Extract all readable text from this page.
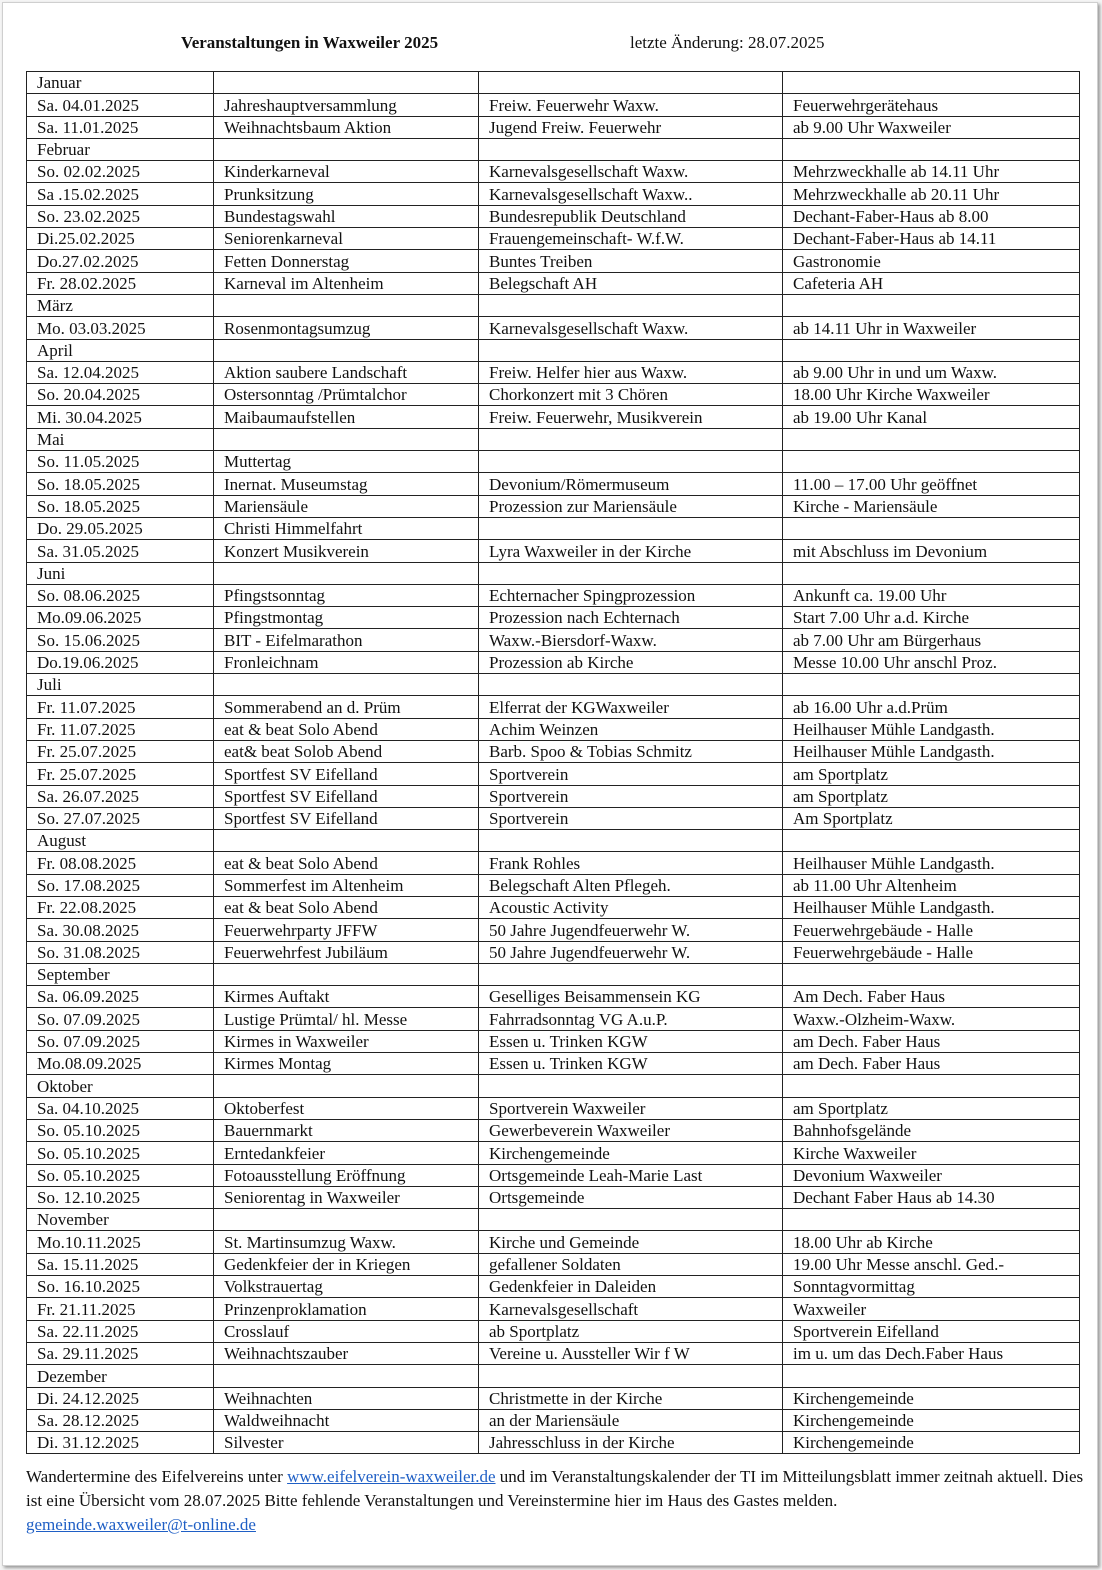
Veranstaltungen in Waxweiler 2025	letzte Änderung: 28.07.2025
Januar			
Sa. 04.01.2025	Jahreshauptversammlung	Freiw. Feuerwehr Waxw.	Feuerwehrgerätehaus
Sa. 11.01.2025	Weihnachtsbaum Aktion	Jugend Freiw. Feuerwehr	ab 9.00 Uhr Waxweiler
Februar			
So. 02.02.2025	Kinderkarneval	Karnevalsgesellschaft Waxw.	Mehrzweckhalle ab 14.11 Uhr
Sa .15.02.2025	Prunksitzung	Karnevalsgesellschaft Waxw..	Mehrzweckhalle ab 20.11 Uhr
So. 23.02.2025	Bundestagswahl	Bundesrepublik Deutschland	Dechant-Faber-Haus ab 8.00
Di.25.02.2025	Seniorenkarneval	Frauengemeinschaft- W.f.W.	Dechant-Faber-Haus ab 14.11
Do.27.02.2025	Fetten Donnerstag	Buntes Treiben	Gastronomie
Fr. 28.02.2025	Karneval im Altenheim	Belegschaft AH	Cafeteria AH
März			
Mo. 03.03.2025	Rosenmontagsumzug	Karnevalsgesellschaft Waxw.	ab 14.11 Uhr in Waxweiler
April			
Sa. 12.04.2025	Aktion saubere Landschaft	Freiw. Helfer hier aus Waxw.	ab 9.00 Uhr in und um Waxw.
So. 20.04.2025	Ostersonntag /Prümtalchor	Chorkonzert mit 3 Chören	18.00 Uhr Kirche Waxweiler
Mi. 30.04.2025	Maibaumaufstellen	Freiw. Feuerwehr, Musikverein	ab 19.00 Uhr Kanal
Mai			
So. 11.05.2025	Muttertag		
So. 18.05.2025	Inernat. Museumstag	Devonium/Römermuseum	11.00 – 17.00 Uhr geöffnet
So. 18.05.2025	Mariensäule	Prozession zur Mariensäule	Kirche - Mariensäule
Do. 29.05.2025	Christi Himmelfahrt		
Sa. 31.05.2025	Konzert Musikverein	Lyra Waxweiler in der Kirche	mit Abschluss im Devonium
Juni			
So. 08.06.2025	Pfingstsonntag	Echternacher Spingprozession	Ankunft ca. 19.00 Uhr
Mo.09.06.2025	Pfingstmontag	Prozession nach Echternach	Start 7.00 Uhr a.d. Kirche
So. 15.06.2025	BIT - Eifelmarathon	Waxw.-Biersdorf-Waxw.	ab 7.00 Uhr am Bürgerhaus
Do.19.06.2025	Fronleichnam	Prozession ab Kirche	Messe 10.00 Uhr anschl Proz.
Juli			
Fr. 11.07.2025	Sommerabend an d. Prüm	Elferrat der KGWaxweiler	ab 16.00 Uhr a.d.Prüm
Fr. 11.07.2025	eat & beat Solo Abend	Achim Weinzen	Heilhauser Mühle Landgasth.
Fr. 25.07.2025	eat& beat Solob Abend	Barb. Spoo & Tobias Schmitz	Heilhauser Mühle Landgasth.
Fr. 25.07.2025	Sportfest SV Eifelland	Sportverein	am Sportplatz
Sa. 26.07.2025	Sportfest SV Eifelland	Sportverein	am Sportplatz
So. 27.07.2025	Sportfest SV Eifelland	Sportverein	Am Sportplatz
August			
Fr. 08.08.2025	eat & beat Solo Abend	Frank Rohles	Heilhauser Mühle Landgasth.
So. 17.08.2025	Sommerfest im Altenheim	Belegschaft Alten Pflegeh.	ab 11.00 Uhr Altenheim
Fr. 22.08.2025	eat & beat Solo Abend	Acoustic Activity	Heilhauser Mühle Landgasth.
Sa. 30.08.2025	Feuerwehrparty JFFW	50 Jahre Jugendfeuerwehr W.	Feuerwehrgebäude - Halle
So. 31.08.2025	Feuerwehrfest Jubiläum	50 Jahre Jugendfeuerwehr W.	Feuerwehrgebäude - Halle
September			
Sa. 06.09.2025	Kirmes Auftakt	Geselliges Beisammensein KG	Am Dech. Faber Haus
So. 07.09.2025	Lustige Prümtal/ hl. Messe	Fahrradsonntag VG A.u.P.	Waxw.-Olzheim-Waxw.
So. 07.09.2025	Kirmes in Waxweiler	Essen u. Trinken KGW	am Dech. Faber Haus
Mo.08.09.2025	Kirmes Montag	Essen u. Trinken KGW	am Dech. Faber Haus
Oktober			
Sa. 04.10.2025	Oktoberfest	Sportverein Waxweiler	am Sportplatz
So. 05.10.2025	Bauernmarkt	Gewerbeverein Waxweiler	Bahnhofsgelände
So. 05.10.2025	Erntedankfeier	Kirchengemeinde	Kirche Waxweiler
So. 05.10.2025	Fotoausstellung Eröffnung	Ortsgemeinde Leah-Marie Last	Devonium Waxweiler
So. 12.10.2025	Seniorentag in Waxweiler	Ortsgemeinde	Dechant Faber Haus ab 14.30
November			
Mo.10.11.2025	St. Martinsumzug Waxw.	Kirche und Gemeinde	18.00 Uhr ab Kirche
Sa. 15.11.2025	Gedenkfeier der in Kriegen	gefallener Soldaten	19.00 Uhr Messe anschl. Ged.-
So. 16.10.2025	Volkstrauertag	Gedenkfeier in Daleiden	Sonntagvormittag
Fr. 21.11.2025	Prinzenproklamation	Karnevalsgesellschaft	Waxweiler
Sa. 22.11.2025	Crosslauf	ab Sportplatz	Sportverein Eifelland
Sa. 29.11.2025	Weihnachtszauber	Vereine u. Aussteller Wir f W	im u. um das Dech.Faber Haus
Dezember			
Di. 24.12.2025	Weihnachten	Christmette in der Kirche	Kirchengemeinde
Sa. 28.12.2025	Waldweihnacht	an der Mariensäule	Kirchengemeinde
Di. 31.12.2025	Silvester	Jahresschluss in der Kirche	Kirchengemeinde
Wandertermine des Eifelvereins unter www.eifelverein-waxweiler.de und im Veranstaltungskalender der TI im Mitteilungsblatt immer zeitnah aktuell. Dies ist eine Übersicht vom 28.07.2025 Bitte fehlende Veranstaltungen und Vereinstermine hier im Haus des Gastes melden.
gemeinde.waxweiler@t-online.de
